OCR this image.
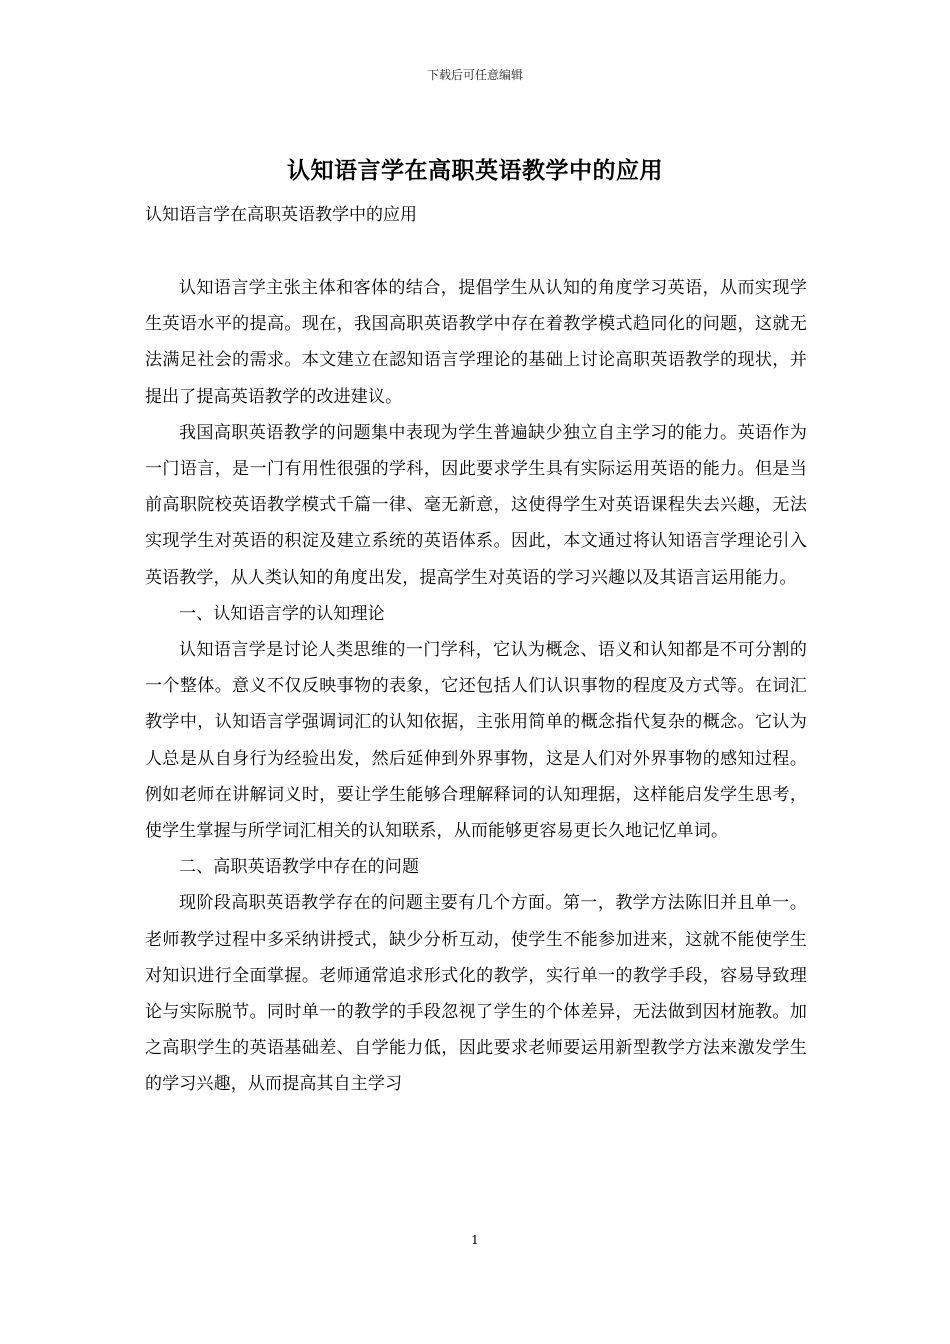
下载后可任意编辑
认知语言学在高职英语教学中的应用
认知语言学在高职英语教学中的应用

认知语言学主张主体和客体的结合，提倡学生从认知的角度学习英语，从而实现学生英语水平的提高。现在，我国高职英语教学中存在着教学模式趋同化的问题，这就无法满足社会的需求。本文建立在認知语言学理论的基础上讨论高职英语教学的现状，并提出了提高英语教学的改进建议。

我国高职英语教学的问题集中表现为学生普遍缺少独立自主学习的能力。英语作为一门语言，是一门有用性很强的学科，因此要求学生具有实际运用英语的能力。但是当前高职院校英语教学模式千篇一律、毫无新意，这使得学生对英语课程失去兴趣，无法实现学生对英语的积淀及建立系统的英语体系。因此，本文通过将认知语言学理论引入英语教学，从人类认知的角度出发，提高学生对英语的学习兴趣以及其语言运用能力。

一、认知语言学的认知理论

认知语言学是讨论人类思维的一门学科，它认为概念、语义和认知都是不可分割的一个整体。意义不仅反映事物的表象，它还包括人们认识事物的程度及方式等。在词汇教学中，认知语言学强调词汇的认知依据，主张用简单的概念指代复杂的概念。它认为人总是从自身行为经验出发，然后延伸到外界事物，这是人们对外界事物的感知过程。例如老师在讲解词义时，要让学生能够合理解释词的认知理据，这样能启发学生思考，使学生掌握与所学词汇相关的认知联系，从而能够更容易更长久地记忆单词。

二、高职英语教学中存在的问题

现阶段高职英语教学存在的问题主要有几个方面。第一，教学方法陈旧并且单一。老师教学过程中多采纳讲授式，缺少分析互动，使学生不能参加进来，这就不能使学生对知识进行全面掌握。老师通常追求形式化的教学，实行单一的教学手段，容易导致理论与实际脱节。同时单一的教学的手段忽视了学生的个体差异，无法做到因材施教。加之高职学生的英语基础差、自学能力低，因此要求老师要运用新型教学方法来激发学生的学习兴趣，从而提高其自主学习

1
